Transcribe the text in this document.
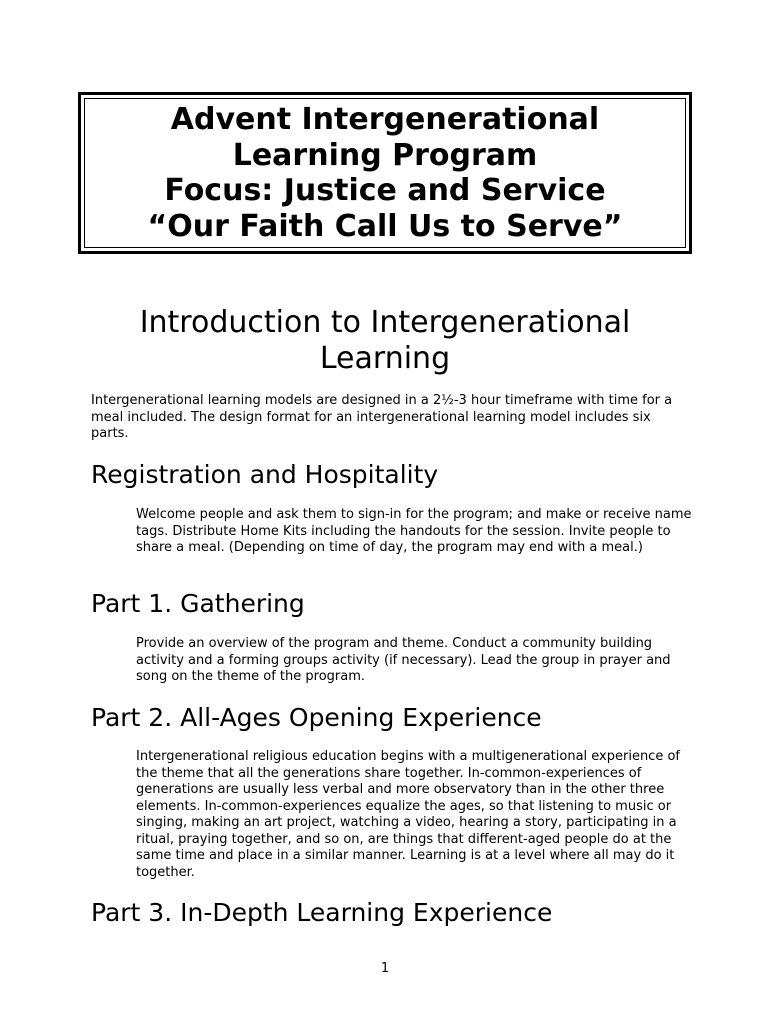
Advent Intergenerational
Learning Program
Focus: Justice and Service
“Our Faith Call Us to Serve”
Introduction to Intergenerational
Learning

Intergenerational learning models are designed in a 2½-3 hour timeframe with time for a meal included. The design format for an intergenerational learning model includes six parts.

Registration and Hospitality

Welcome people and ask them to sign-in for the program; and make or receive name tags. Distribute Home Kits including the handouts for the session. Invite people to share a meal. (Depending on time of day, the program may end with a meal.)

Part 1. Gathering

Provide an overview of the program and theme. Conduct a community building activity and a forming groups activity (if necessary). Lead the group in prayer and song on the theme of the program.

Part 2. All-Ages Opening Experience

Intergenerational religious education begins with a multigenerational experience of the theme that all the generations share together. In-common-experiences of generations are usually less verbal and more observatory than in the other three elements. In-common-experiences equalize the ages, so that listening to music or singing, making an art project, watching a video, hearing a story, participating in a ritual, praying together, and so on, are things that different-aged people do at the same time and place in a similar manner. Learning is at a level where all may do it together.

Part 3. In-Depth Learning Experience
1
